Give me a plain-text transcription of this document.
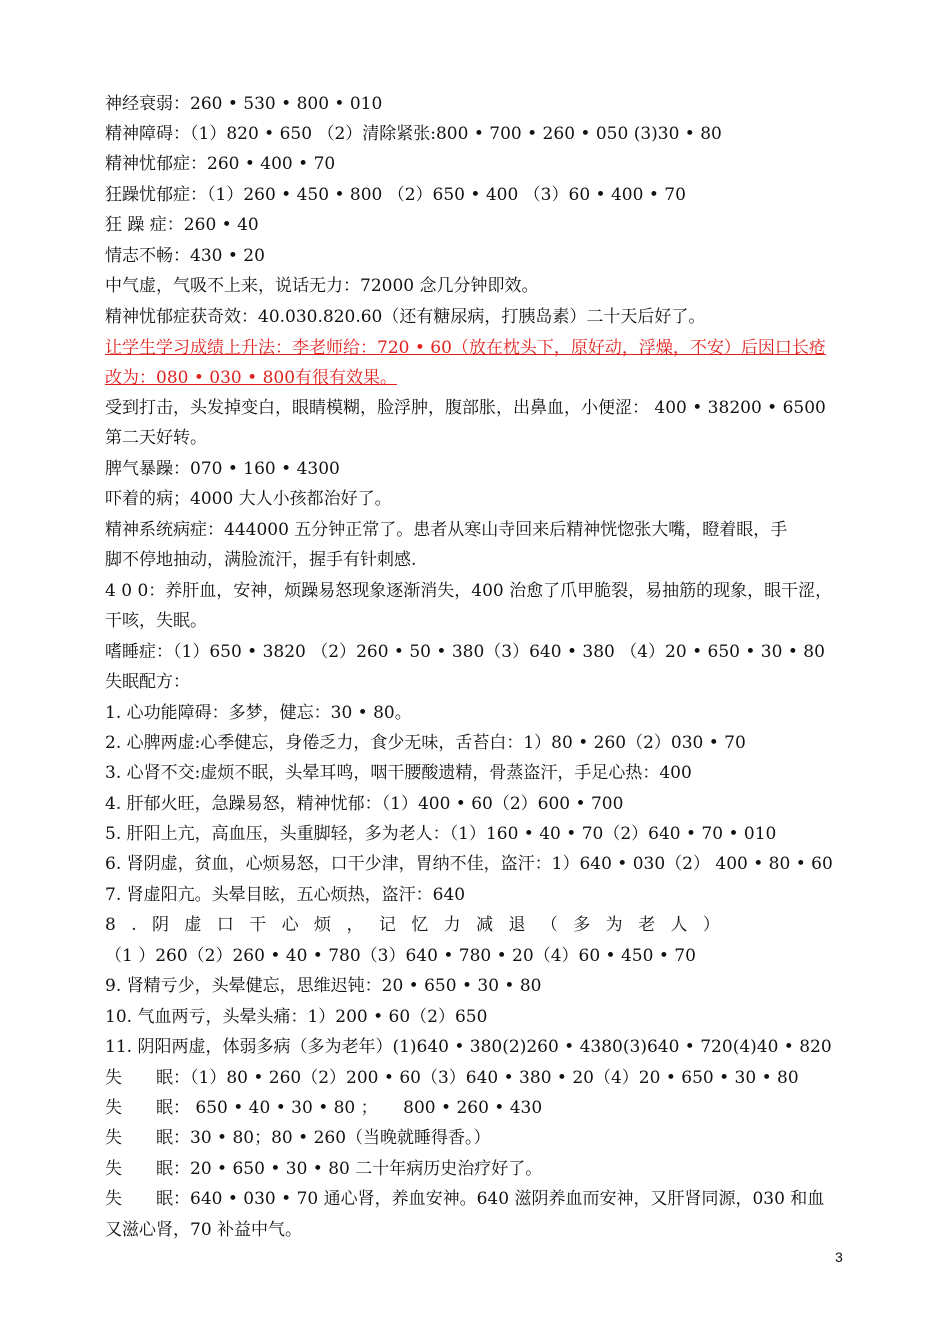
神经衰弱：260 • 530 • 800 • 010
精神障碍：（1）820 • 650 （2）清除紧张:800 • 700 • 260 • 050 (3)30 • 80
精神忧郁症：260 • 400 • 70
狂躁忧郁症：（1）260 • 450 • 800 （2）650 • 400 （3）60 • 400 • 70
狂 躁 症：260 • 40
情志不畅：430 • 20
中气虚，气吸不上来，说话无力：72000 念几分钟即效。
精神忧郁症获奇效：40.030.820.60（还有糖尿病，打胰岛素）二十天后好了。
让学生学习成绩上升法：李老师给：720 • 60（放在枕头下，原好动，浮燥，不安）后因口长疮
改为：080 • 030 • 800有很有效果。
受到打击，头发掉变白，眼睛模糊，脸浮肿，腹部胀，出鼻血，小便涩： 400 • 38200 • 6500
第二天好转。
脾气暴躁：070 • 160 • 4300
吓着的病；4000 大人小孩都治好了。
精神系统病症：444000 五分钟正常了。患者从寒山寺回来后精神恍惚张大嘴，瞪着眼，手
脚不停地抽动，满脸流汗，握手有针刺感.
4 0 0：养肝血，安神，烦躁易怒现象逐渐消失，400 治愈了爪甲脆裂，易抽筋的现象，眼干涩，
干咳，失眠。
嗜睡症：（1）650 • 3820 （2）260 • 50 • 380（3）640 • 380 （4）20 • 650 • 30 • 80
失眠配方：
1. 心功能障碍：多梦，健忘：30 • 80。
2. 心脾两虚:心季健忘，身倦乏力，食少无味，舌苔白：1）80 • 260（2）030 • 70
3. 心肾不交:虚烦不眠，头晕耳鸣，咽干腰酸遗精，骨蒸盗汗，手足心热：400
4. 肝郁火旺，急躁易怒，精神忧郁：（1）400 • 60（2）600 • 700
5. 肝阳上亢，高血压，头重脚轻，多为老人：（1）160 • 40 • 70（2）640 • 70 • 010
6. 肾阴虚，贫血，心烦易怒，口干少津，胃纳不佳，盗汗：1）640 • 030（2） 400 • 80 • 60
7. 肾虚阳亢。头晕目眩，五心烦热，盗汗：640
8 . 阴 虚 口 干 心 烦 ， 记 忆 力 减 退 （ 多 为 老 人 ）
（1 ）260（2）260 • 40 • 780（3）640 • 780 • 20（4）60 • 450 • 70
9. 肾精亏少，头晕健忘，思维迟钝：20 • 650 • 30 • 80
10. 气血两亏，头晕头痛：1）200 • 60（2）650
11. 阴阳两虚，体弱多病（多为老年）(1)640 • 380(2)260 • 4380(3)640 • 720(4)40 • 820
失　　眠：（1）80 • 260（2）200 • 60（3）640 • 380 • 20（4）20 • 650 • 30 • 80
失　　眠： 650 • 40 • 30 • 80 ；　　800 • 260 • 430
失　　眠：30 • 80；80 • 260（当晚就睡得香。）
失　　眠：20 • 650 • 30 • 80 二十年病历史治疗好了。
失　　眠：640 • 030 • 70 通心肾，养血安神。640 滋阴养血而安神，又肝肾同源，030 和血
又滋心肾，70 补益中气。
3
